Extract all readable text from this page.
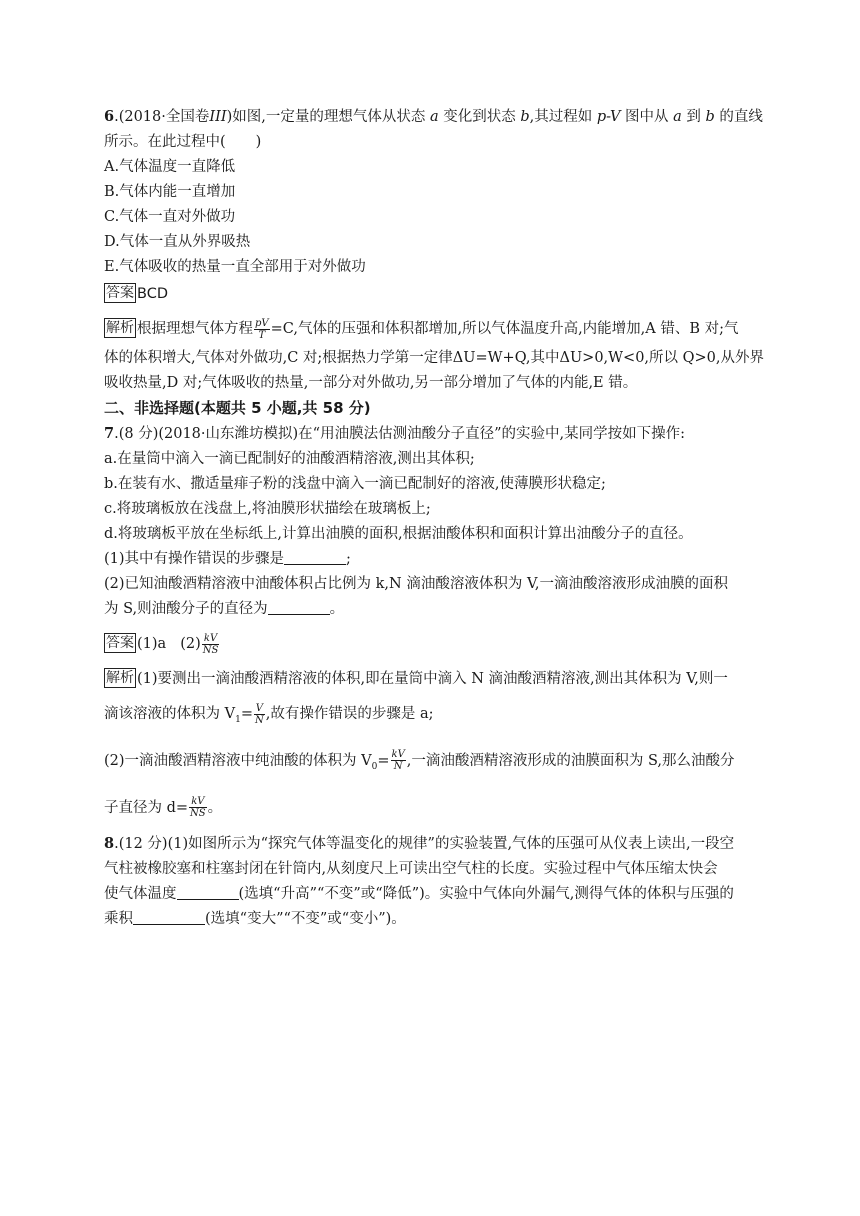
6.(2018·全国卷III)如图,一定量的理想气体从状态 a 变化到状态 b,其过程如 p-V 图中从 a 到 b 的直线
所示。在此过程中( )
A.气体温度一直降低
B.气体内能一直增加
C.气体一直对外做功
D.气体一直从外界吸热
E.气体吸收的热量一直全部用于对外做功
答案 BCD
解析 根据理想气体方程 $\frac{pV}{T} =C$,气体的压强和体积都增加,所以气体温度升高,内能增加,A 错、B 对;气
体的体积增大,气体对外做功,C 对;根据热力学第一定律ΔU=W+Q,其中ΔU>0,W<0,所以 Q>0,从外界
吸收热量,D 对;气体吸收的热量,一部分对外做功,另一部分增加了气体的内能,E 错。
二、非选择题(本题共 5 小题,共 58 分)
7.(8 分)(2018·山东潍坊模拟)在“用油膜法估测油酸分子直径”的实验中,某同学按如下操作:
a.在量筒中滴入一滴已配制好的油酸酒精溶液,测出其体积;
b.在装有水、撒适量痱子粉的浅盘中滴入一滴已配制好的溶液,使薄膜形状稳定;
c.将玻璃板放在浅盘上,将油膜形状描绘在玻璃板上;
d.将玻璃板平放在坐标纸上,计算出油膜的面积,根据油酸体积和面积计算出油酸分子的直径。
(1)其中有操作错误的步骤是	;
(2)已知油酸酒精溶液中油酸体积占比例为 k,N 滴油酸溶液体积为 V,一滴油酸溶液形成油膜的面积
为 S,则油酸分子的直径为	。
答案 (1)a $(2) \frac{kV}{NS}$
解析 (1)要测出一滴油酸酒精溶液的体积,即在量筒中滴入 N 滴油酸酒精溶液,测出其体积为 V,则一
滴该溶液的体积为 $V_1= \frac{V}{N}$ ,故有操作错误的步骤是 a;
(2)一滴油酸酒精溶液中纯油酸的体积为 $V_0= \frac{kV}{N}$ ,一滴油酸酒精溶液形成的油膜面积为 S,那么油酸分
子直径为 $d= \frac{kV}{NS}$ 。
8.(12 分)(1)如图所示为“探究气体等温变化的规律”的实验装置,气体的压强可从仪表上读出,一段空
气柱被橡胶塞和柱塞封闭在针筒内,从刻度尺上可读出空气柱的长度。实验过程中气体压缩太快会
使气体温度	(选填“升高”“不变”或“降低”)。实验中气体向外漏气,测得气体的体积与压强的
乘积	(选填“变大”“不变”或“变小”)。
